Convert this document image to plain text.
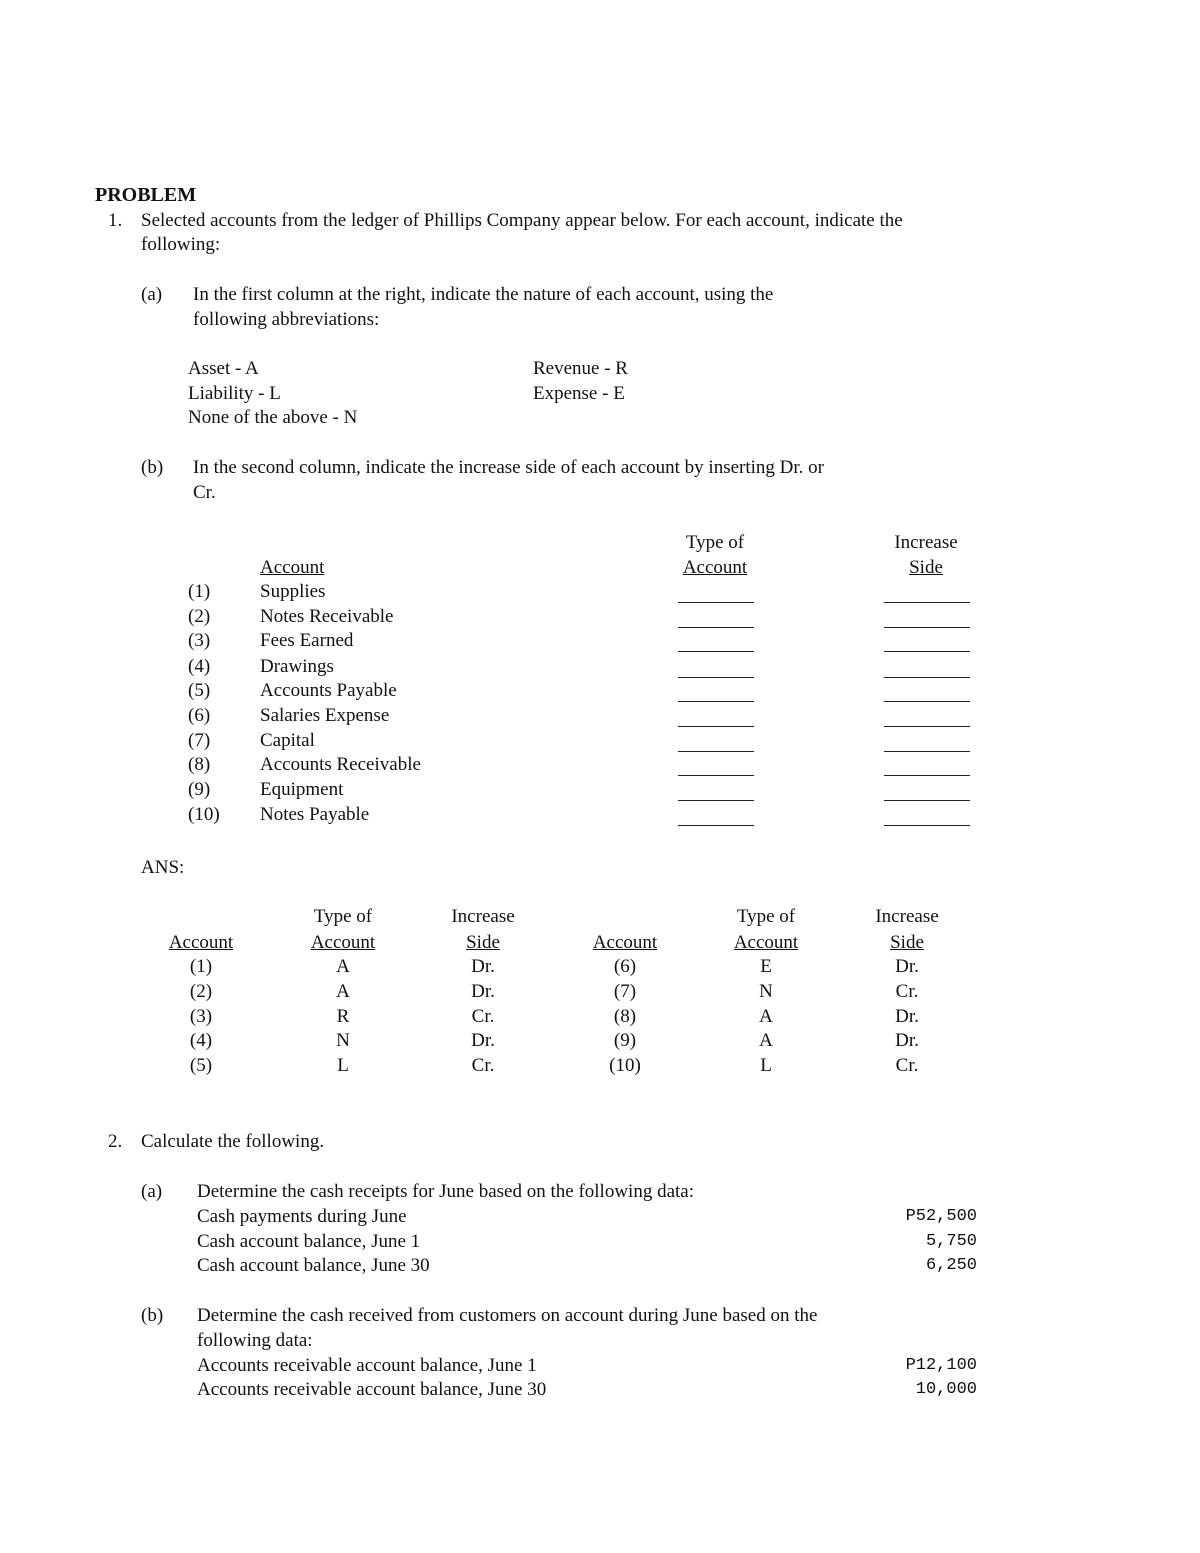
PROBLEM
1. Selected accounts from the ledger of Phillips Company appear below. For each account, indicate the
following:
(a) In the first column at the right, indicate the nature of each account, using the
following abbreviations:
Asset - A
Liability - L
None of the above - N
Revenue - R
Expense - E
(b) In the second column, indicate the increase side of each account by inserting Dr. or
Cr.
Account
Type of
Account
Increase
Side
(1)	Supplies
(2)	Notes Receivable
(3)	Fees Earned
(4)	Drawings
(5)	Accounts Payable
(6)	Salaries Expense
(7)	Capital
(8)	Accounts Receivable
(9)	Equipment
(10) Notes Payable
ANS:
Account
Type of
Account
Increase
Side	Account
Type of
Account
Increase
Side
(1)	A	Dr.
(2)	A	Dr.
(3)	R	Cr.
(4)	N	Dr.
(5)	L	Cr.
(6)	E	Dr.
(7)	N	Cr.
(8)	A	Dr.
(9)	A	Dr.
(10)	L	Cr.
2. Calculate the following.
(a) Determine the cash receipts for June based on the following data:
Cash payments during June	P52,500
Cash account balance, June 1	5,750
Cash account balance, June 30	6,250
(b) Determine the cash received from customers on account during June based on the
following data:
Accounts receivable account balance, June 1	P12,100
Accounts receivable account balance, June 30	10,000
